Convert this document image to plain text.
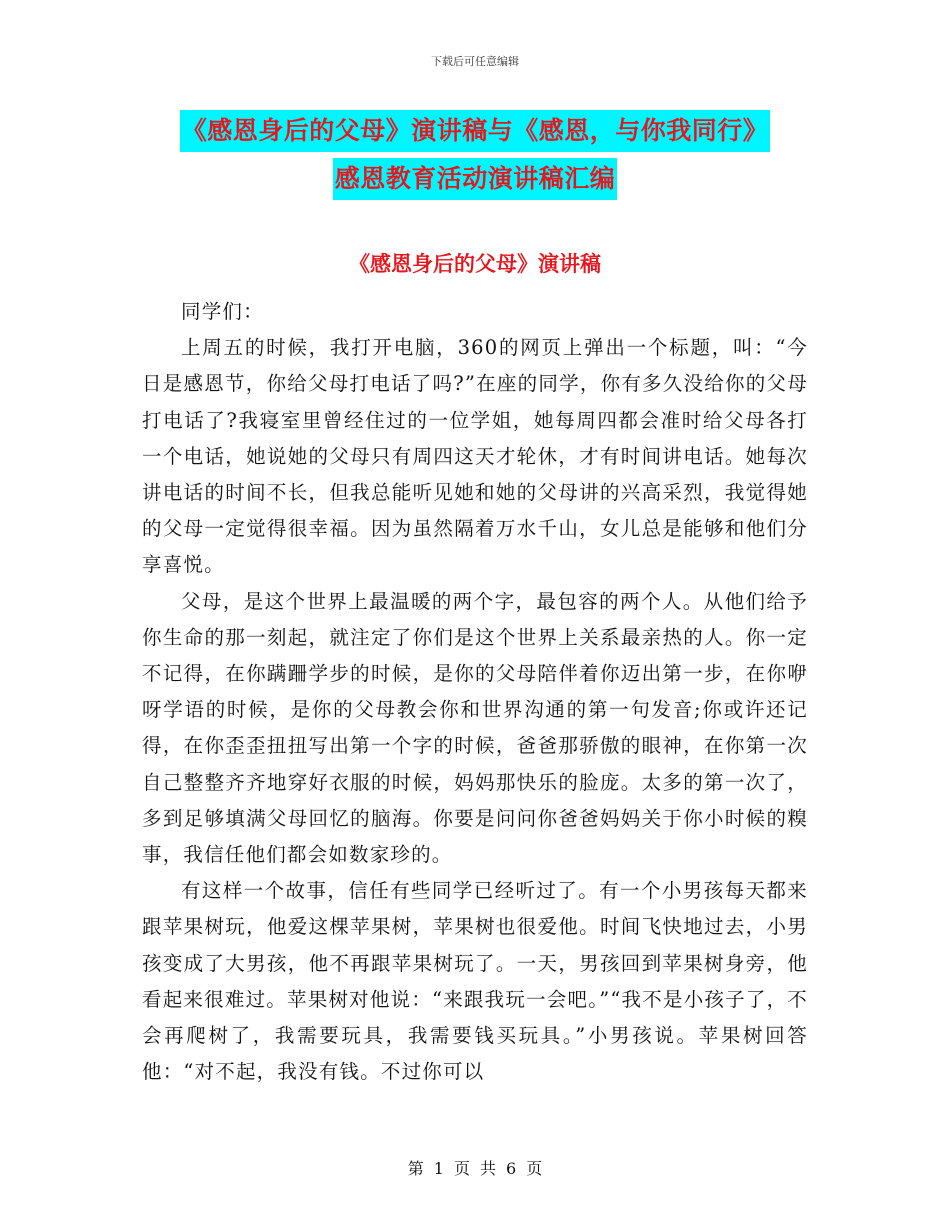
下载后可任意编辑
《感恩身后的父母》演讲稿与《感恩，与你我同行》
感恩教育活动演讲稿汇编
《感恩身后的父母》演讲稿

同学们：

上周五的时候，我打开电脑，360的网页上弹出一个标题，叫：“今日是感恩节，你给父母打电话了吗?”在座的同学，你有多久没给你的父母打电话了?我寝室里曾经住过的一位学姐，她每周四都会准时给父母各打一个电话，她说她的父母只有周四这天才轮休，才有时间讲电话。她每次讲电话的时间不长，但我总能听见她和她的父母讲的兴高采烈，我觉得她的父母一定觉得很幸福。因为虽然隔着万水千山，女儿总是能够和他们分享喜悦。

父母，是这个世界上最温暖的两个字，最包容的两个人。从他们给予你生命的那一刻起，就注定了你们是这个世界上关系最亲热的人。你一定不记得，在你蹒跚学步的时候，是你的父母陪伴着你迈出第一步，在你咿呀学语的时候，是你的父母教会你和世界沟通的第一句发音;你或许还记得，在你歪歪扭扭写出第一个字的时候，爸爸那骄傲的眼神，在你第一次自己整整齐齐地穿好衣服的时候，妈妈那快乐的脸庞。太多的第一次了，多到足够填满父母回忆的脑海。你要是问问你爸爸妈妈关于你小时候的糗事，我信任他们都会如数家珍的。

有这样一个故事，信任有些同学已经听过了。有一个小男孩每天都来跟苹果树玩，他爱这棵苹果树，苹果树也很爱他。时间飞快地过去，小男孩变成了大男孩，他不再跟苹果树玩了。一天，男孩回到苹果树身旁，他看起来很难过。苹果树对他说：“来跟我玩一会吧。”“我不是小孩子了，不会再爬树了，我需要玩具，我需要钱买玩具。”小男孩说。苹果树回答他：“对不起，我没有钱。不过你可以

第 1 页 共 6 页
